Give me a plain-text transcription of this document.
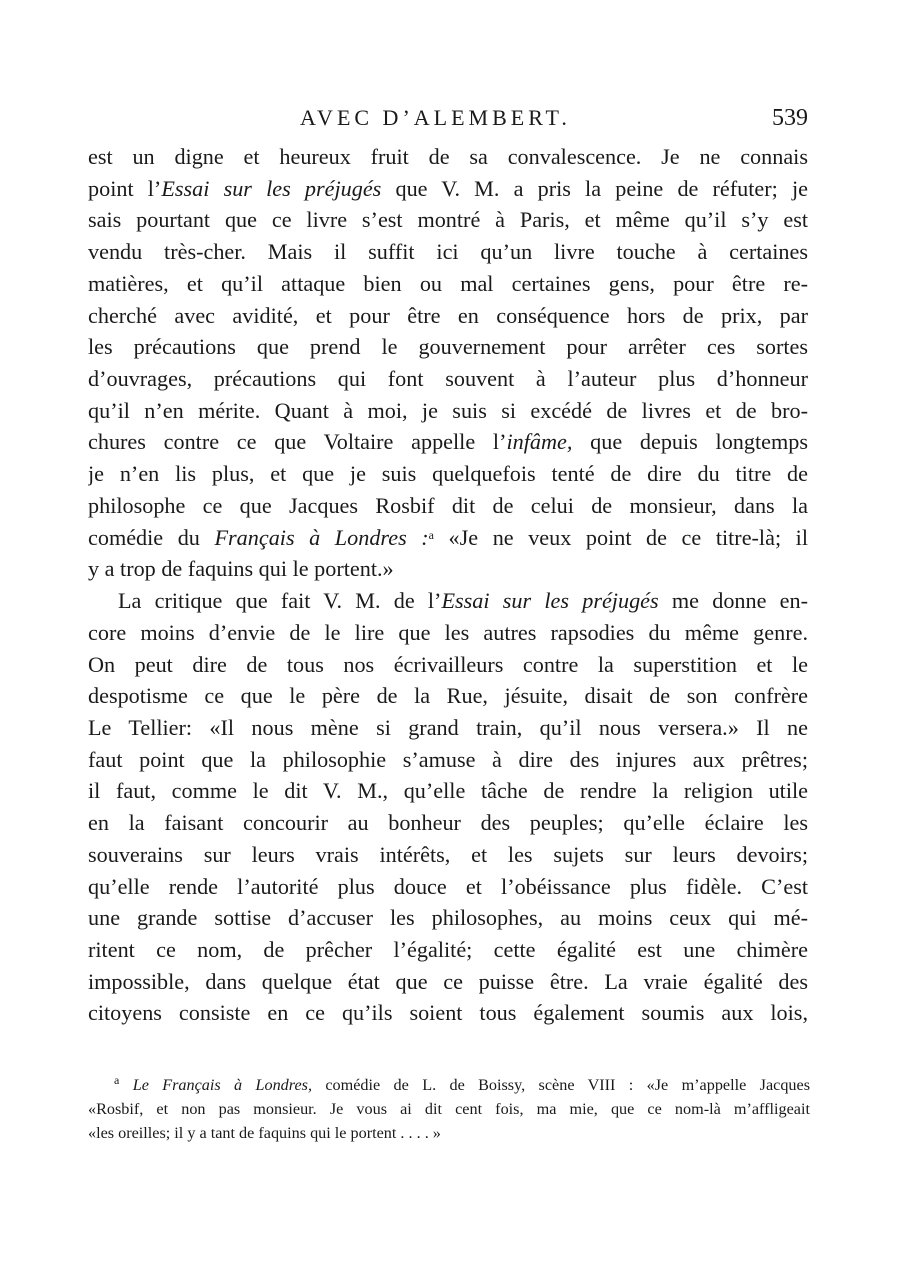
AVEC D’ALEMBERT.	539
est un digne et heureux fruit de sa convalescence. Je ne connais
point l’Essai sur les préjugés que V. M. a pris la peine de réfuter; je
sais pourtant que ce livre s’est montré à Paris, et même qu’il s’y est
vendu très-cher. Mais il suffit ici qu’un livre touche à certaines
matières, et qu’il attaque bien ou mal certaines gens, pour être re-
cherché avec avidité, et pour être en conséquence hors de prix, par
les précautions que prend le gouvernement pour arrêter ces sortes
d’ouvrages, précautions qui font souvent à l’auteur plus d’honneur
qu’il n’en mérite. Quant à moi, je suis si excédé de livres et de bro-
chures contre ce que Voltaire appelle l’infâme, que depuis longtemps
je n’en lis plus, et que je suis quelquefois tenté de dire du titre de
philosophe ce que Jacques Rosbif dit de celui de monsieur, dans la
comédie du Français à Londres :$^a$ «Je ne veux point de ce titre-là; il
y a trop de faquins qui le portent.»
La critique que fait V. M. de l’Essai sur les préjugés me donne en-
core moins d’envie de le lire que les autres rapsodies du même genre.
On peut dire de tous nos écrivailleurs contre la superstition et le
despotisme ce que le père de la Rue, jésuite, disait de son confrère
Le Tellier: «Il nous mène si grand train, qu’il nous versera.» Il ne
faut point que la philosophie s’amuse à dire des injures aux prêtres;
il faut, comme le dit V. M., qu’elle tâche de rendre la religion utile
en la faisant concourir au bonheur des peuples; qu’elle éclaire les
souverains sur leurs vrais intérêts, et les sujets sur leurs devoirs;
qu’elle rende l’autorité plus douce et l’obéissance plus fidèle. C’est
une grande sottise d’accuser les philosophes, au moins ceux qui mé-
ritent ce nom, de prêcher l’égalité; cette égalité est une chimère
impossible, dans quelque état que ce puisse être. La vraie égalité des
citoyens consiste en ce qu’ils soient tous également soumis aux lois,
$^a$ Le Français à Londres, comédie de L. de Boissy, scène VIII : «Je m’appelle Jacques
«Rosbif, et non pas monsieur. Je vous ai dit cent fois, ma mie, que ce nom-là m’affligeait
«les oreilles; il y a tant de faquins qui le portent . . . . »
